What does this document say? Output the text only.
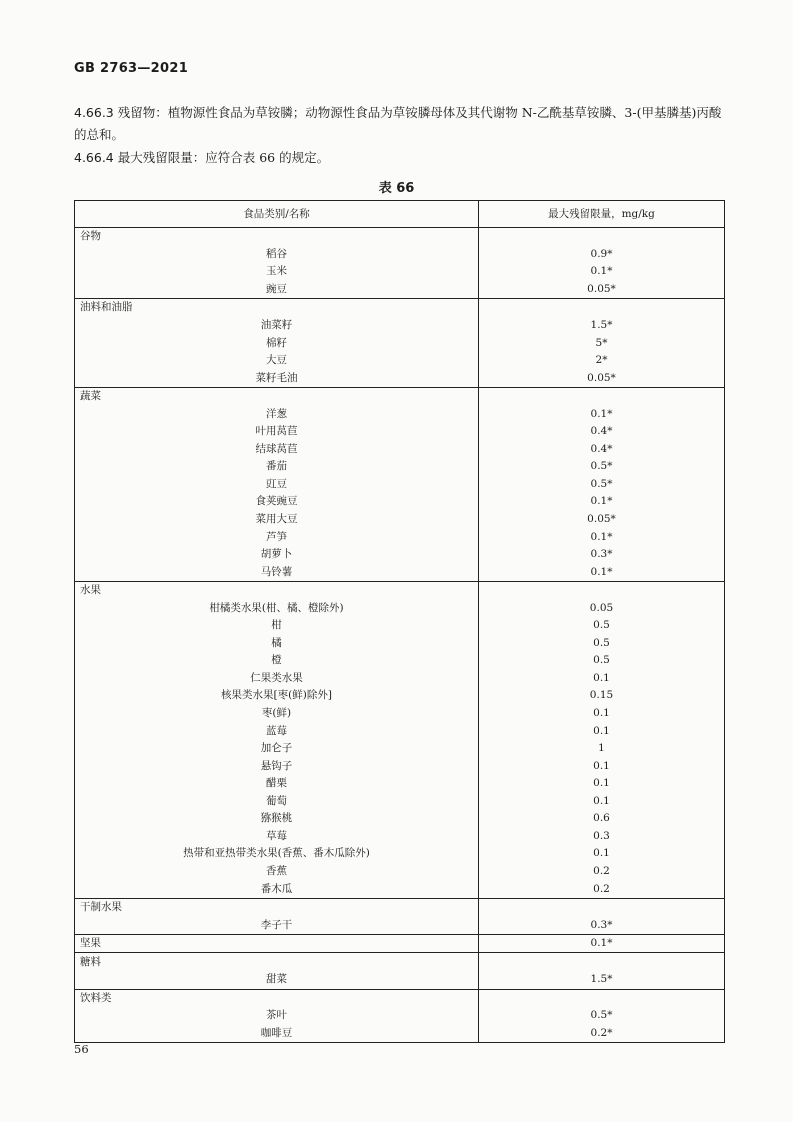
GB 2763—2021
4.66.3 残留物：植物源性食品为草铵膦；动物源性食品为草铵膦母体及其代谢物 N-乙酰基草铵膦、3-(甲基膦基)丙酸的总和。
4.66.4 最大残留限量：应符合表 66 的规定。
表 66
食品类别/名称	最大残留限量，mg/kg
谷物	
稻谷	0.9*
玉米	0.1*
豌豆	0.05*
油料和油脂	
油菜籽	1.5*
棉籽	5*
大豆	2*
菜籽毛油	0.05*
蔬菜	
洋葱	0.1*
叶用莴苣	0.4*
结球莴苣	0.4*
番茄	0.5*
豇豆	0.5*
食荚豌豆	0.1*
菜用大豆	0.05*
芦笋	0.1*
胡萝卜	0.3*
马铃薯	0.1*
水果	
柑橘类水果(柑、橘、橙除外)	0.05
柑	0.5
橘	0.5
橙	0.5
仁果类水果	0.1
核果类水果[枣(鲜)除外]	0.15
枣(鲜)	0.1
蓝莓	0.1
加仑子	1
悬钩子	0.1
醋栗	0.1
葡萄	0.1
猕猴桃	0.6
草莓	0.3
热带和亚热带类水果(香蕉、番木瓜除外)	0.1
香蕉	0.2
番木瓜	0.2
干制水果	
李子干	0.3*
坚果	0.1*
糖料	
甜菜	1.5*
饮料类	
茶叶	0.5*
咖啡豆	0.2*
56
